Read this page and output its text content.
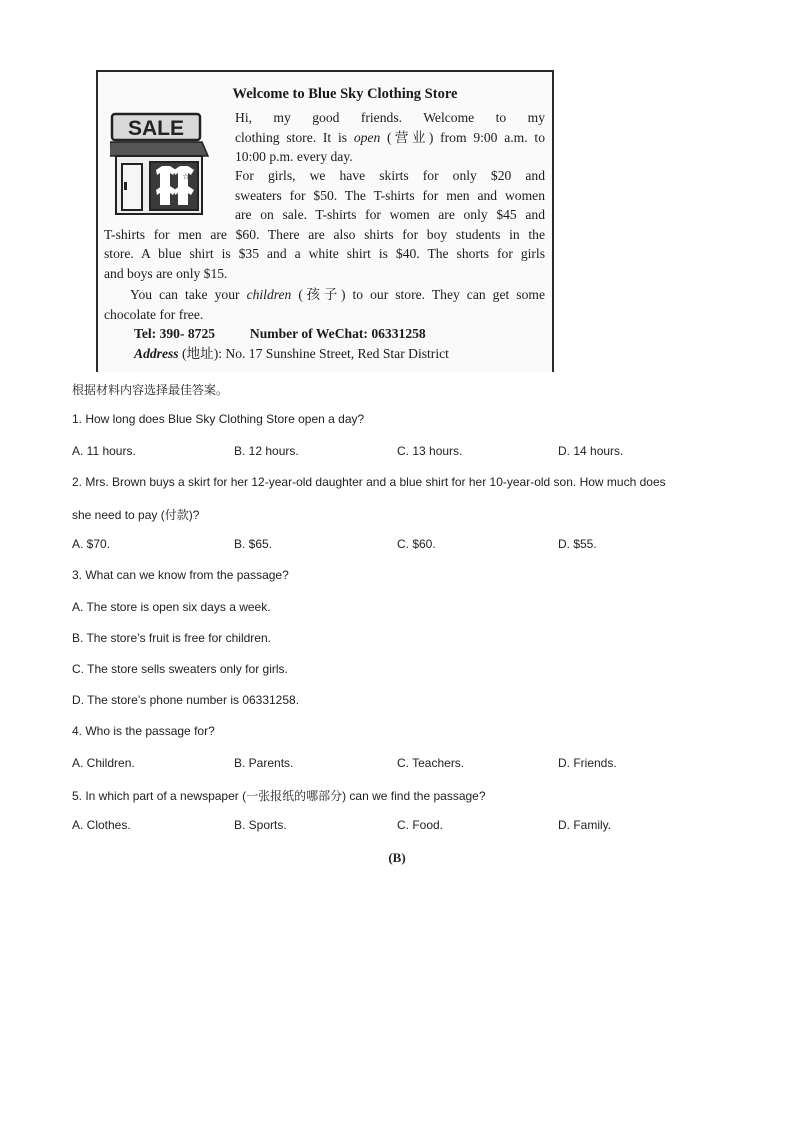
Welcome to Blue Sky Clothing Store
SALE
☆
Hi, my good friends. Welcome to my
clothing store. It is open (营业) from 9:00 a.m. to
10:00 p.m. every day.
For girls, we have skirts for only $20 and
sweaters for $50. The T-shirts for men and women
are on sale. T-shirts for women are only $45 and
T-shirts for men are $60. There are also shirts for boy students in the
store. A blue shirt is $35 and a white shirt is $40. The shorts for girls
and boys are only $15.
You can take your children (孩子) to our store. They can get some
chocolate for free.
Tel: 390- 8725	Number of WeChat: 06331258
Address (地址): No. 17 Sunshine Street, Red Star District
根据材料内容选择最佳答案。
1. How long does Blue Sky Clothing Store open a day?
A. 11 hours.	B. 12 hours.	C. 13 hours.	D. 14 hours.
2. Mrs. Brown buys a skirt for her 12-year-old daughter and a blue shirt for her 10-year-old son. How much does
she need to pay (付款)?
A. $70.	B. $65.	C. $60.	D. $55.
3. What can we know from the passage?
A. The store is open six days a week.
B. The store’s fruit is free for children.
C. The store sells sweaters only for girls.
D. The store’s phone number is 06331258.
4. Who is the passage for?
A. Children.	B. Parents.	C. Teachers.	D. Friends.
5. In which part of a newspaper (一张报纸的哪部分) can we find the passage?
A. Clothes.	B. Sports.	C. Food.	D. Family.
(B)
